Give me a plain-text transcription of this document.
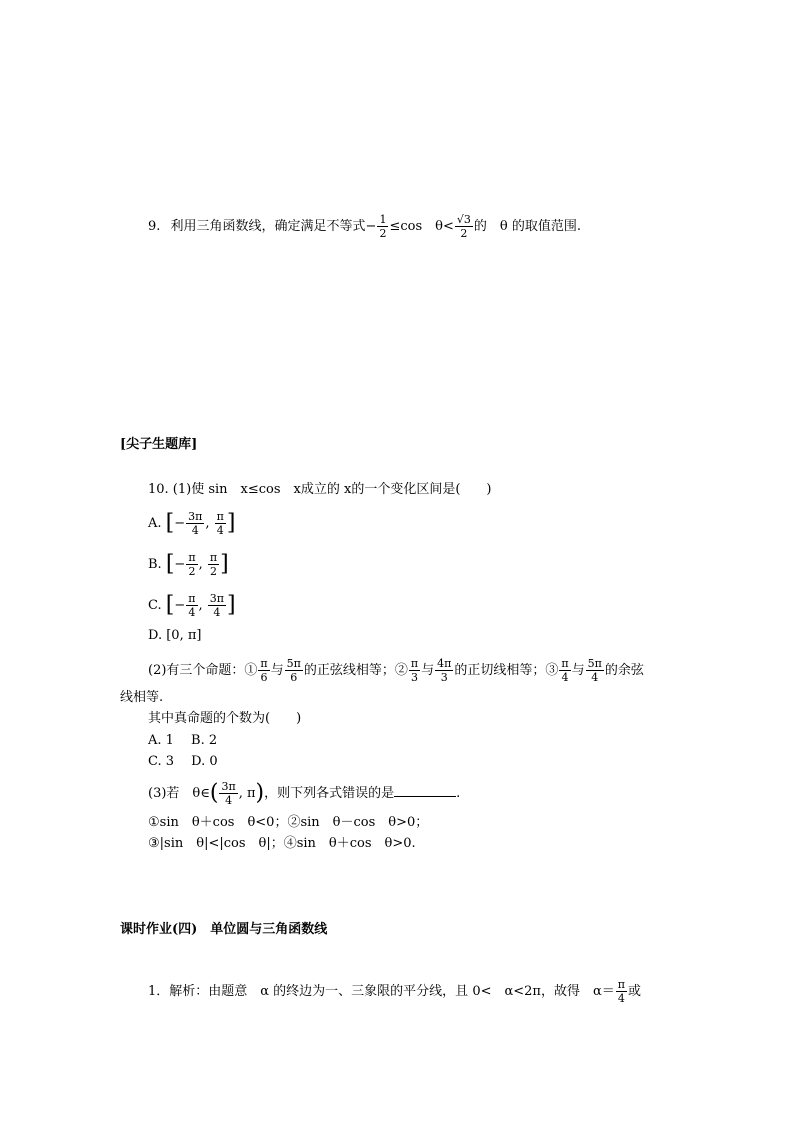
9. 利用三角函数线，确定满足不等式− $\frac{1}{2} \le\cos$　$\theta< \frac{√3}{2}$ 的　θ 的取值范围.
[尖子生题库]
10. (1)使 sin　x≤cos　x成立的 x的一个变化区间是(　　)
A. [− $\frac{3\pi}{4}$ , $\frac{\pi}{4}$ ]
B. [− $\frac{\pi}{2}$ , $\frac{\pi}{2}$ ]
C. [− $\frac{\pi}{4}$ , $\frac{3\pi}{4}$ ]
D. [0, π]
(2)有三个命题：① $\frac{\pi}{6}$ 与 $\frac{5\pi}{6}$ 的正弦线相等；② $\frac{\pi}{3}$ 与 $\frac{4\pi}{3}$ 的正切线相等；③ $\frac{\pi}{4}$ 与 $\frac{5\pi}{4}$ 的余弦
线相等.
其中真命题的个数为(　　)
A. 1　 B. 2
C. 3　 D. 0
(3)若　θ∈( $\frac{3\pi}{4}$ , π)，则下列各式错误的是	.
①sin　θ＋cos　θ<0；②sin　θ－cos　θ>0；
③|sin　θ|<|cos　θ|；④sin　θ＋cos　θ>0.
课时作业(四)　单位圆与三角函数线
1．解析：由题意　α 的终边为一、三象限的平分线，且 0<　α<2π，故得　$\alpha= \frac{\pi}{4}$ 或
